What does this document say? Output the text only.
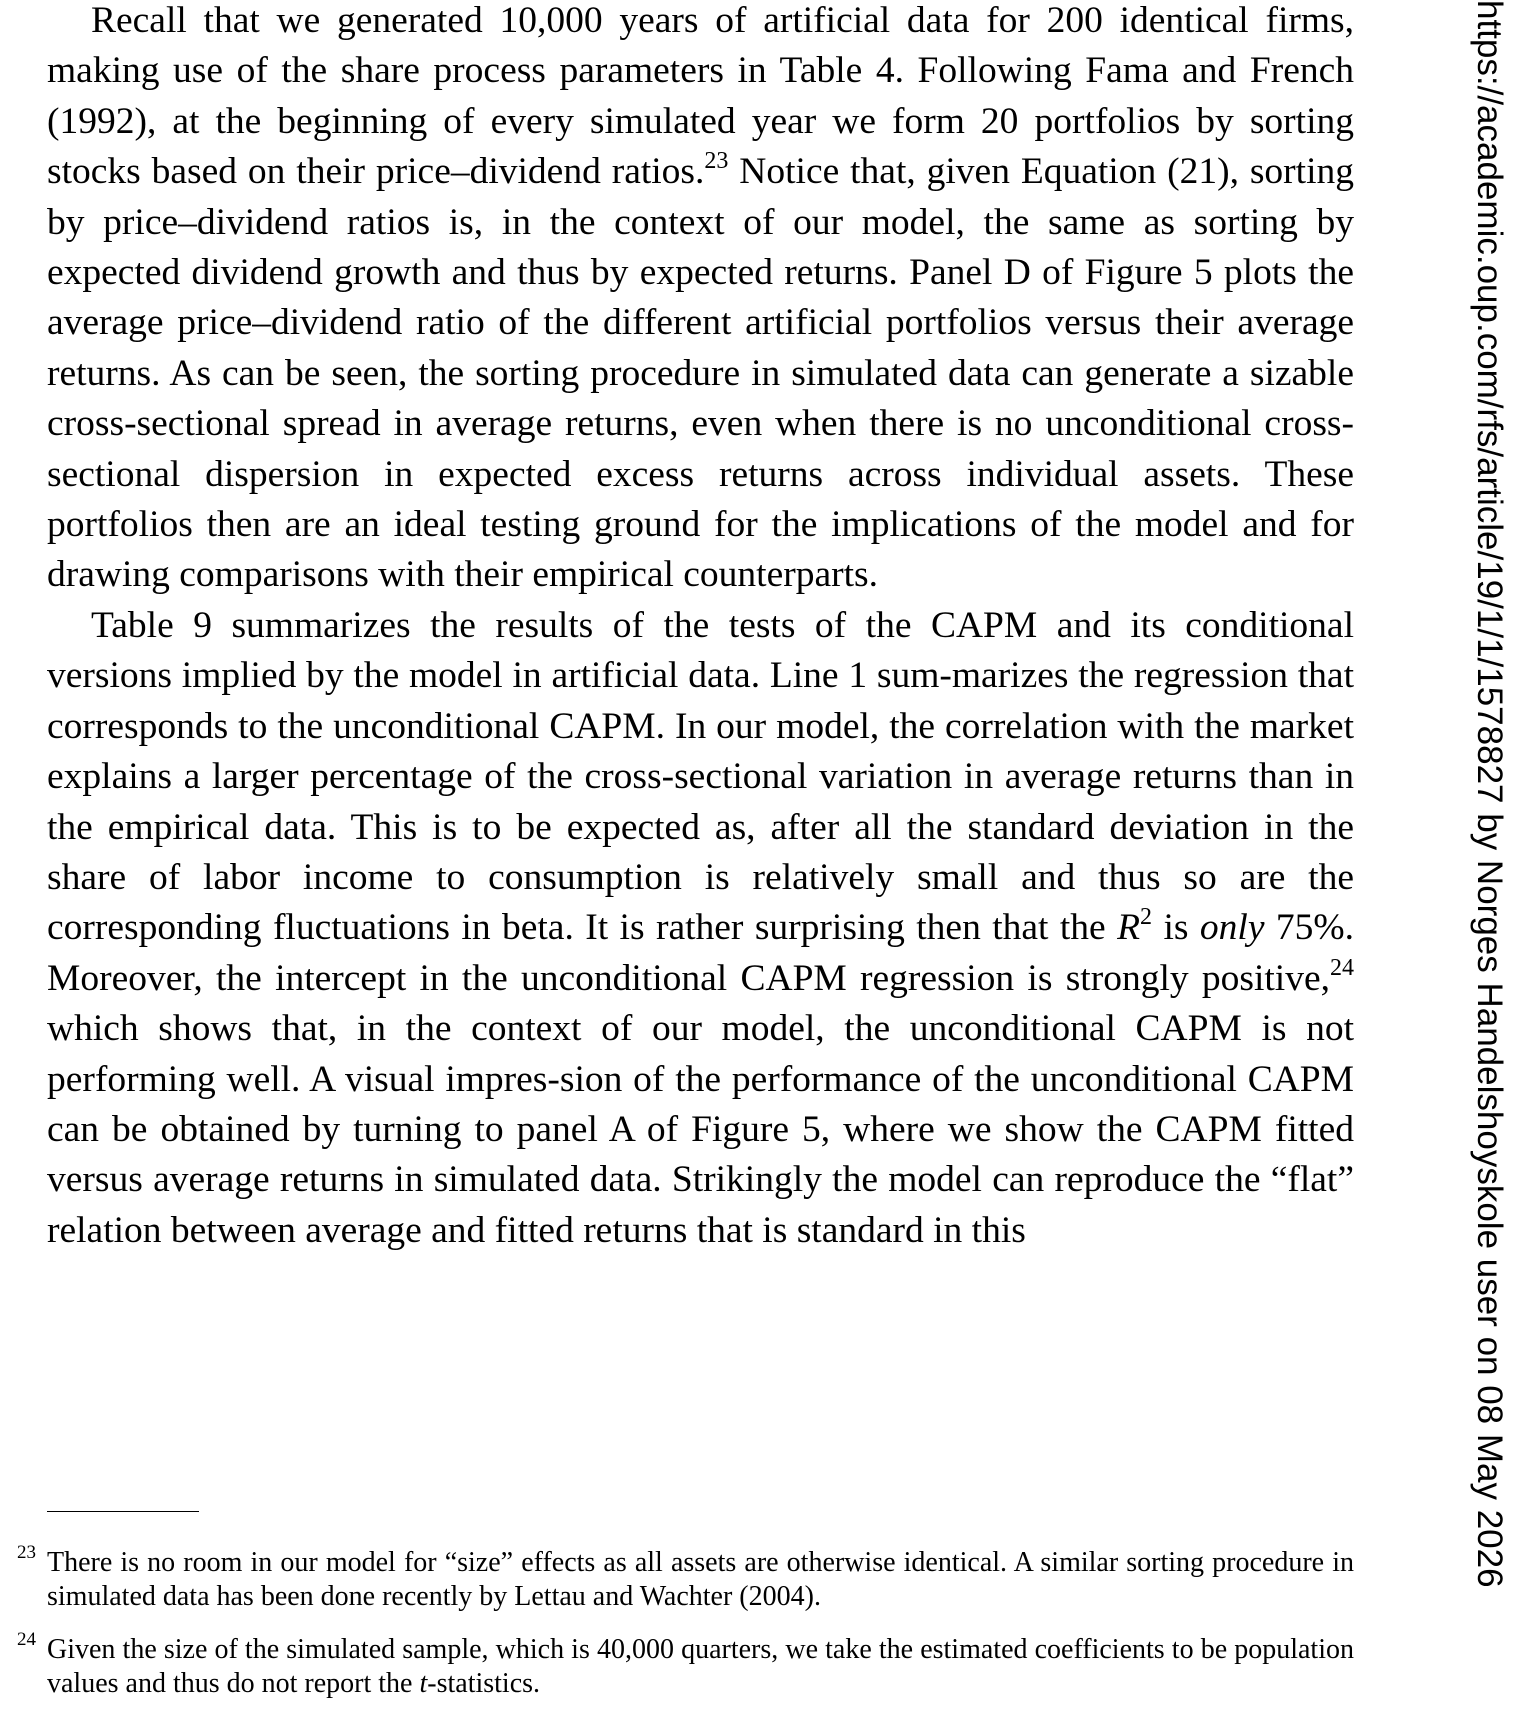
Recall that we generated 10,000 years of artificial data for 200 identical firms, making use of the share process parameters in Table 4. Following Fama and French (1992), at the beginning of every simulated year we form 20 portfolios by sorting stocks based on their price–dividend ratios.$^{23}$ Notice that, given Equation (21), sorting by price–dividend ratios is, in the context of our model, the same as sorting by expected dividend growth and thus by expected returns. Panel D of Figure 5 plots the average price–dividend ratio of the different artificial portfolios versus their average returns. As can be seen, the sorting procedure in simulated data can generate a sizable cross-sectional spread in average returns, even when there is no unconditional cross-sectional dispersion in expected excess returns across individual assets. These portfolios then are an ideal testing ground for the implications of the model and for drawing comparisons with their empirical counterparts.

Table 9 summarizes the results of the tests of the CAPM and its conditional versions implied by the model in artificial data. Line 1 sum-marizes the regression that corresponds to the unconditional CAPM. In our model, the correlation with the market explains a larger percentage of the cross-sectional variation in average returns than in the empirical data. This is to be expected as, after all the standard deviation in the share of labor income to consumption is relatively small and thus so are the corresponding fluctuations in beta. It is rather surprising then that the $R^2$ is only 75%. Moreover, the intercept in the unconditional CAPM regression is strongly positive,$^{24}$ which shows that, in the context of our model, the unconditional CAPM is not performing well. A visual impres-sion of the performance of the unconditional CAPM can be obtained by turning to panel A of Figure 5, where we show the CAPM fitted versus average returns in simulated data. Strikingly the model can reproduce the “flat” relation between average and fitted returns that is standard in this

23 There is no room in our model for “size” effects as all assets are otherwise identical. A similar sorting procedure in simulated data has been done recently by Lettau and Wachter (2004).

24 Given the size of the simulated sample, which is 40,000 quarters, we take the estimated coefficients to be population values and thus do not report the t-statistics.

https://academic.oup.com/rfs/article/19/1/1/1578827 by Norges Handelshoyskole user on 08 May 2026
